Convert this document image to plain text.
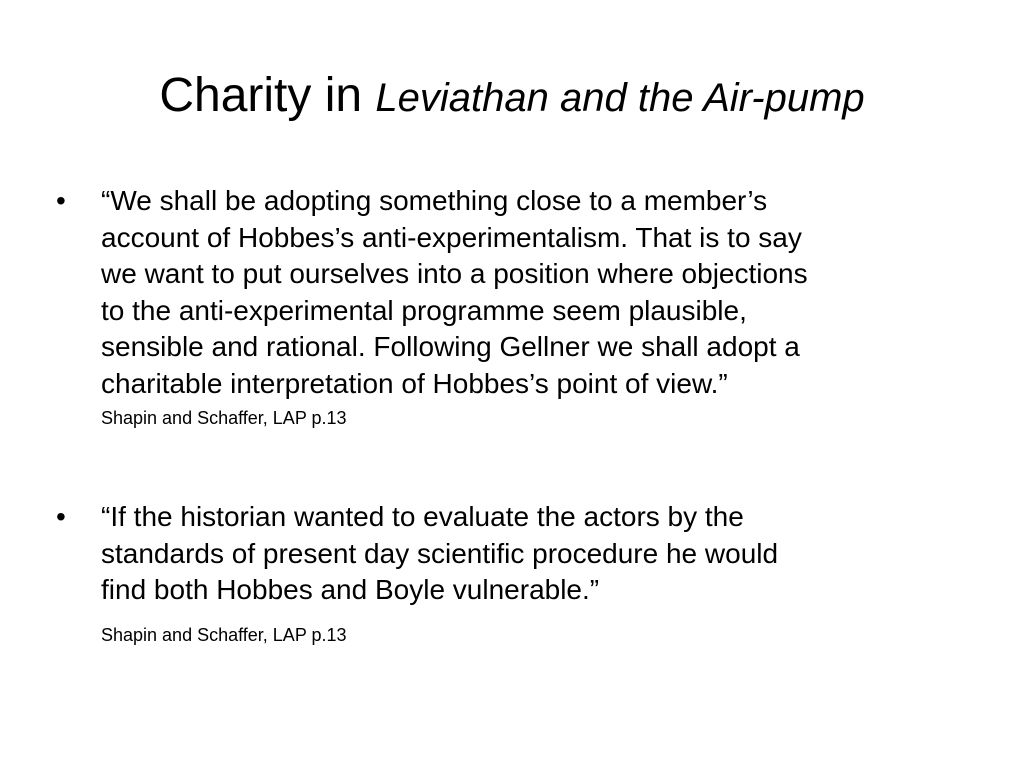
Charity in Leviathan and the Air-pump
• “We shall be adopting something close to a member’s
account of Hobbes’s anti-experimentalism. That is to say
we want to put ourselves into a position where objections
to the anti-experimental programme seem plausible,
sensible and rational. Following Gellner we shall adopt a
charitable interpretation of Hobbes’s point of view.”
Shapin and Schaffer, LAP p.13
• “If the historian wanted to evaluate the actors by the
standards of present day scientific procedure he would
find both Hobbes and Boyle vulnerable.”
Shapin and Schaffer, LAP p.13
